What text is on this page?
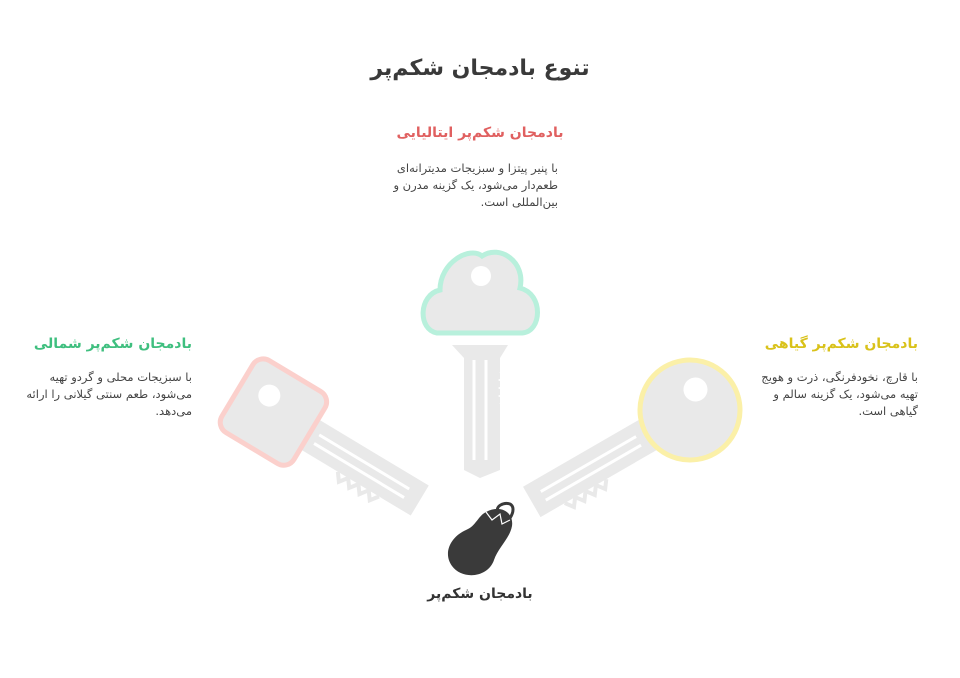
تنوع بادمجان شکم‌پر
بادمجان شکم‌پر ایتالیایی
با پنیر پیتزا و سبزیجات مدیترانه‌ای طعم‌دار می‌شود، یک گزینه مدرن و بین‌المللی است.
بادمجان شکم‌پر شمالی
با سبزیجات محلی و گردو تهیه می‌شود، طعم سنتی گیلانی را ارائه می‌دهد.
بادمجان شکم‌پر گیاهی
با قارچ، نخودفرنگی، ذرت و هویج تهیه می‌شود، یک گزینه سالم و گیاهی است.
بادمجان شکم‌پر
